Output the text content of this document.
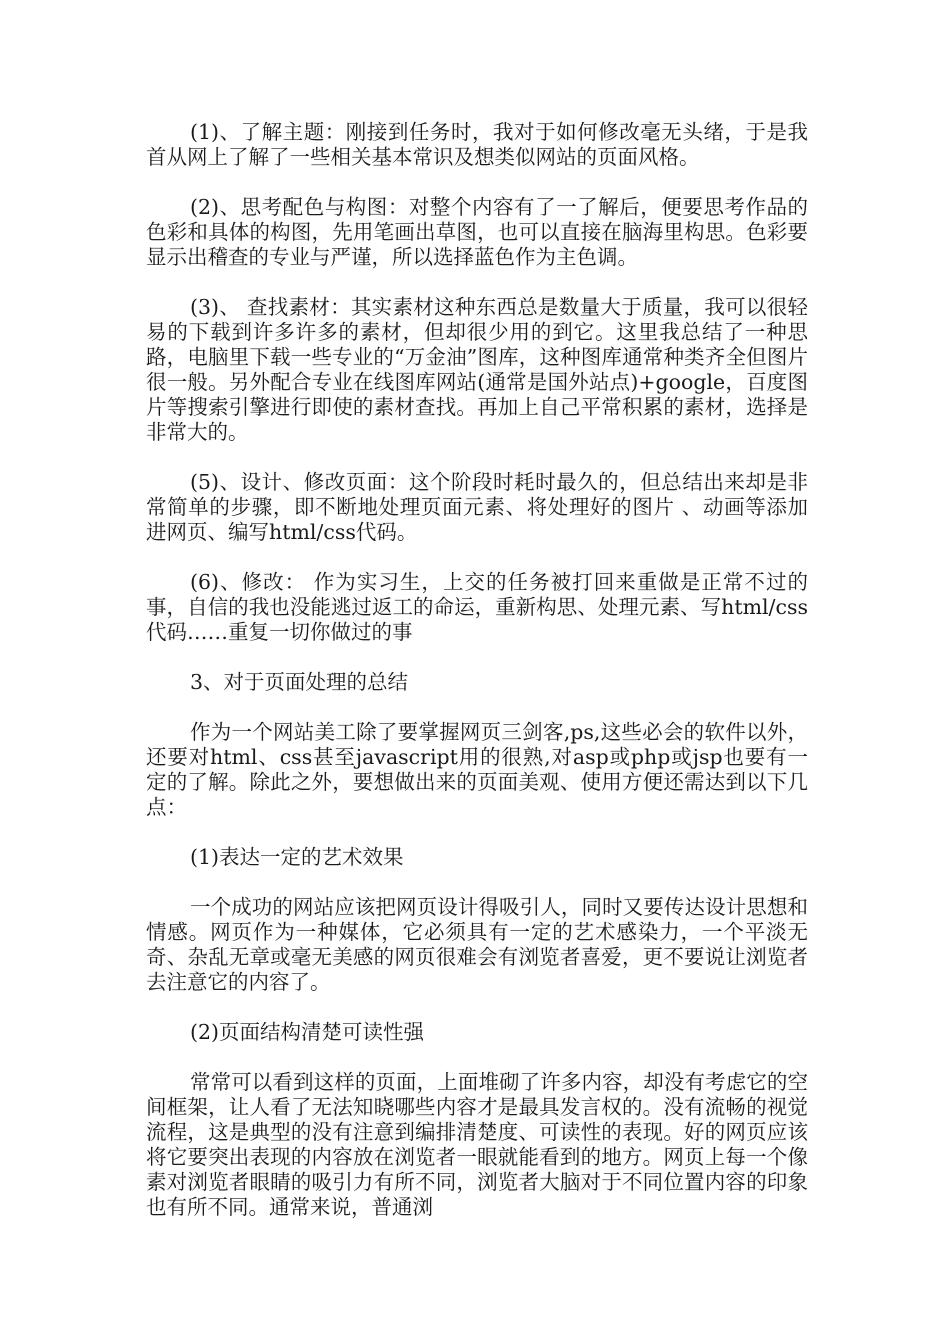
(1)、了解主题：刚接到任务时，我对于如何修改毫无头绪，于是我首从网上了解了一些相关基本常识及想类似网站的页面风格。

(2)、思考配色与构图：对整个内容有了一了解后，便要思考作品的色彩和具体的构图，先用笔画出草图，也可以直接在脑海里构思。色彩要显示出稽查的专业与严谨，所以选择蓝色作为主色调。

(3)、 查找素材：其实素材这种东西总是数量大于质量，我可以很轻易的下载到许多许多的素材，但却很少用的到它。这里我总结了一种思路，电脑里下载一些专业的“万金油”图库，这种图库通常种类齐全但图片很一般。另外配合专业在线图库网站(通常是国外站点)+google，百度图片等搜索引擎进行即使的素材查找。再加上自己平常积累的素材，选择是非常大的。

(5)、设计、修改页面：这个阶段时耗时最久的，但总结出来却是非常简单的步骤，即不断地处理页面元素、将处理好的图片 、动画等添加进网页、编写html/css代码。

(6)、修改： 作为实习生，上交的任务被打回来重做是正常不过的事，自信的我也没能逃过返工的命运，重新构思、处理元素、写html/css代码……重复一切你做过的事

3、对于页面处理的总结

作为一个网站美工除了要掌握网页三剑客,ps,这些必会的软件以外，还要对html、css甚至javascript用的很熟,对asp或php或jsp也要有一定的了解。除此之外，要想做出来的页面美观、使用方便还需达到以下几点：

(1)表达一定的艺术效果

一个成功的网站应该把网页设计得吸引人，同时又要传达设计思想和情感。网页作为一种媒体，它必须具有一定的艺术感染力，一个平淡无奇、杂乱无章或毫无美感的网页很难会有浏览者喜爱，更不要说让浏览者去注意它的内容了。

(2)页面结构清楚可读性强

常常可以看到这样的页面，上面堆砌了许多内容，却没有考虑它的空间框架，让人看了无法知晓哪些内容才是最具发言权的。没有流畅的视觉流程，这是典型的没有注意到编排清楚度、可读性的表现。好的网页应该将它要突出表现的内容放在浏览者一眼就能看到的地方。网页上每一个像素对浏览者眼睛的吸引力有所不同，浏览者大脑对于不同位置内容的印象也有所不同。通常来说，普通浏
